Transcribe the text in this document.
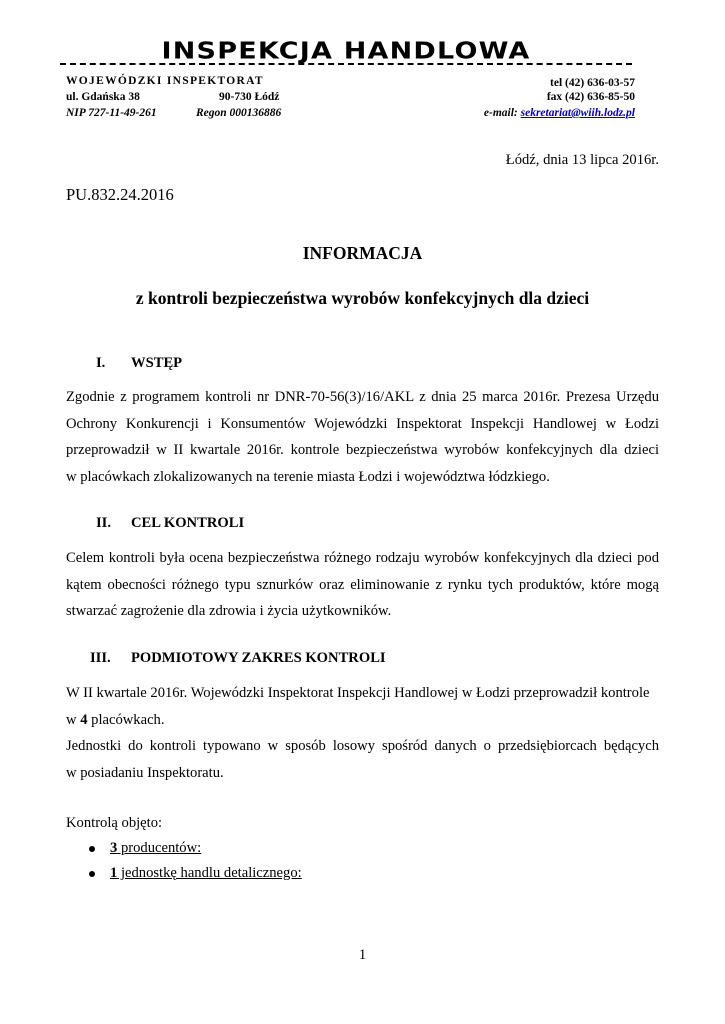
INSPEKCJA HANDLOWA
WOJEWÓDZKI INSPEKTORAT	tel (42) 636-03-57
ul. Gdańska 38	90-730 Łódź	fax (42) 636-85-50
NIP 727-11-49-261	Regon 000136886	e-mail: sekretariat@wiih.lodz.pl
Łódź, dnia 13 lipca 2016r.
PU.832.24.2016
INFORMACJA
z kontroli bezpieczeństwa wyrobów konfekcyjnych dla dzieci
I. WSTĘP
Zgodnie z programem kontroli nr DNR-70-56(3)/16/AKL z dnia 25 marca 2016r. Prezesa Urzędu
Ochrony Konkurencji i Konsumentów Wojewódzki Inspektorat Inspekcji Handlowej w Łodzi
przeprowadził w II kwartale 2016r. kontrole bezpieczeństwa wyrobów konfekcyjnych dla dzieci
w placówkach zlokalizowanych na terenie miasta Łodzi i województwa łódzkiego.
II. CEL KONTROLI
Celem kontroli była ocena bezpieczeństwa różnego rodzaju wyrobów konfekcyjnych dla dzieci pod
kątem obecności różnego typu sznurków oraz eliminowanie z rynku tych produktów, które mogą
stwarzać zagrożenie dla zdrowia i życia użytkowników.
III. PODMIOTOWY ZAKRES KONTROLI
W II kwartale 2016r. Wojewódzki Inspektorat Inspekcji Handlowej w Łodzi przeprowadził kontrole
w 4 placówkach.
Jednostki do kontroli typowano w sposób losowy spośród danych o przedsiębiorcach będących
w posiadaniu Inspektoratu.
Kontrolą objęto:
3 producentów:
1 jednostkę handlu detalicznego:
1
